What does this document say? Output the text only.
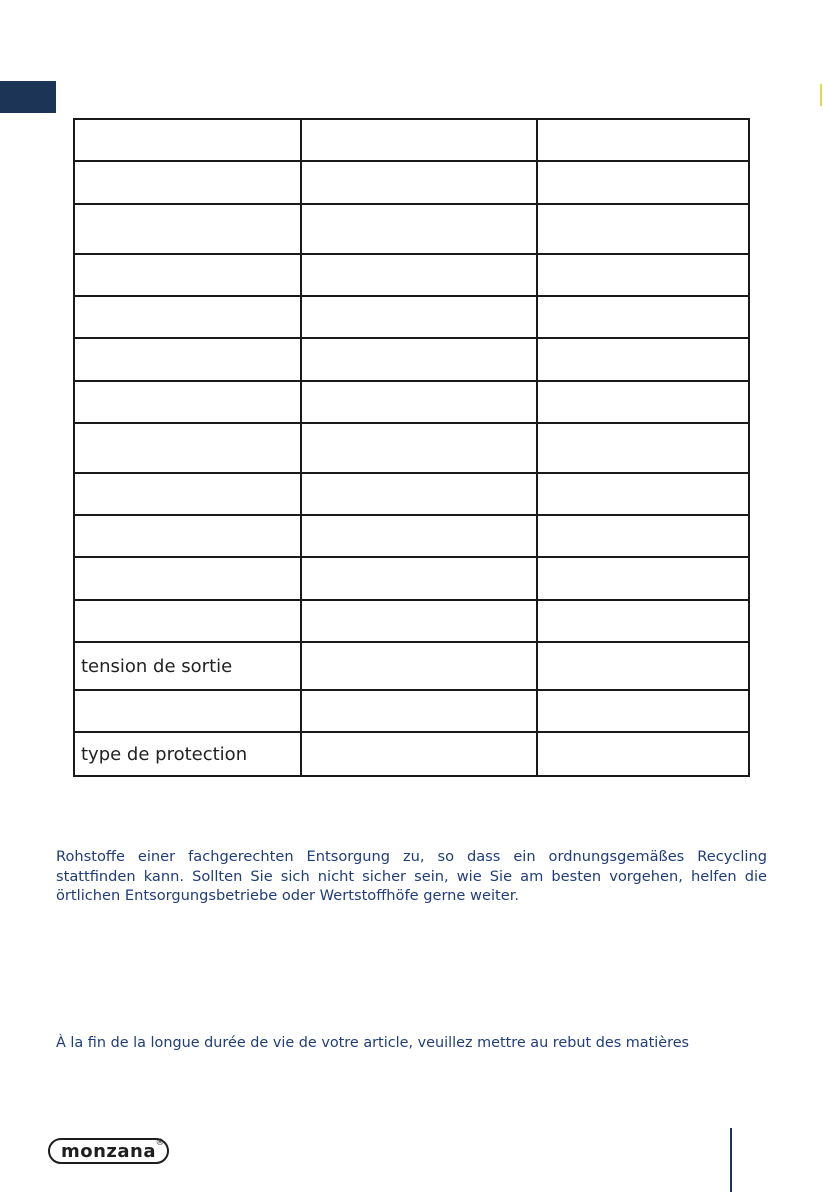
tension de sortie		

type de protection		

Rohstoffe einer fachgerechten Entsorgung zu, so dass ein ordnungsgemäßes Recycling stattfinden kann. Sollten Sie sich nicht sicher sein, wie Sie am besten vorgehen, helfen die örtlichen Entsorgungsbetriebe oder Wertstoffhöfe gerne weiter.

À la fin de la longue durée de vie de votre article, veuillez mettre au rebut des matières

monzana ®
